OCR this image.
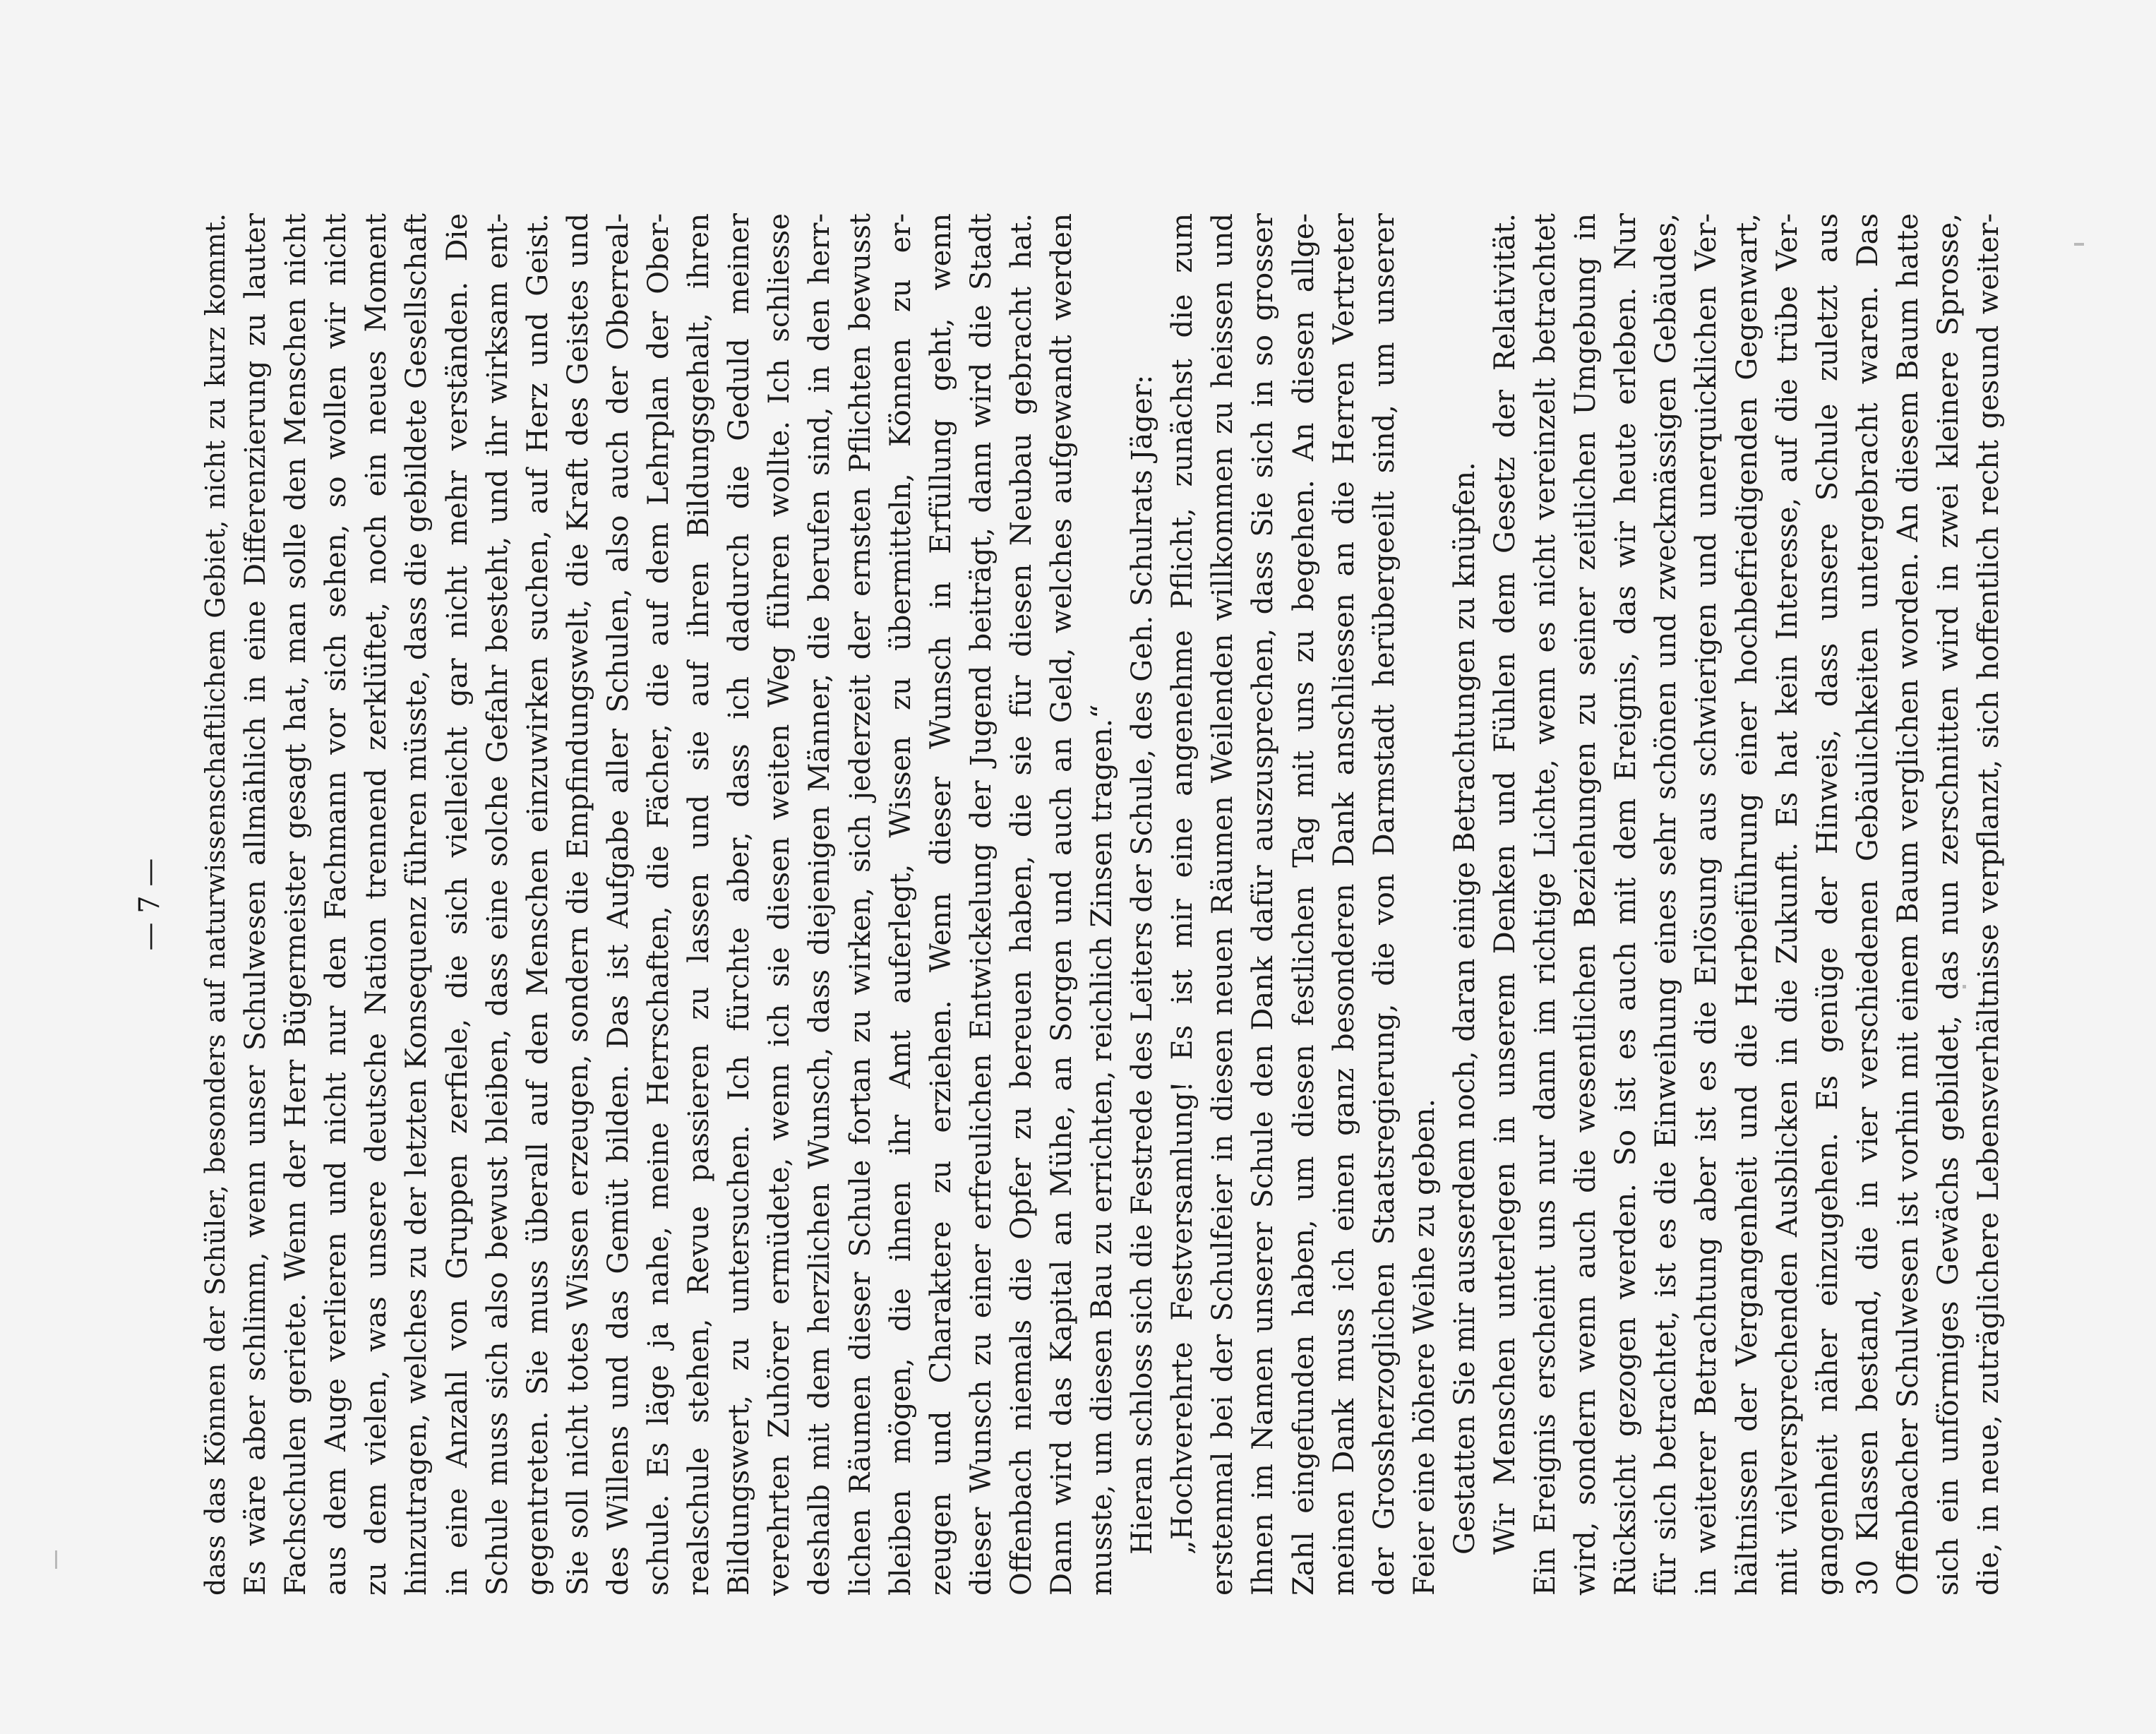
— 7 — dass das Können der Schüler, besonders auf naturwissenschaftlichem Gebiet, nicht zu kurz kommt. Es wäre aber schlimm, wenn unser Schulwesen allmählich in eine Differenzierung zu lauter Fachschulen geriete. Wenn der Herr Bügermeister gesagt hat, man solle den Menschen nicht aus dem Auge verlieren und nicht nur den Fachmann vor sich sehen, so wollen wir nicht zu dem vielen, was unsere deutsche Nation trennend zerklüftet, noch ein neues Moment hinzutragen, welches zu der letzten Konsequenz führen müsste, dass die gebildete Gesellschaft in eine Anzahl von Gruppen zerfiele, die sich vielleicht gar nicht mehr verständen. Die Schule muss sich also bewust bleiben, dass eine solche Gefahr besteht, und ihr wirksam ent- gegentreten. Sie muss überall auf den Menschen einzuwirken suchen, auf Herz und Geist. Sie soll nicht totes Wissen erzeugen, sondern die Empfindungswelt, die Kraft des Geistes und des Willens und das Gemüt bilden. Das ist Aufgabe aller Schulen, also auch der Oberreal- schule. Es läge ja nahe, meine Herrschaften, die Fächer, die auf dem Lehrplan der Ober- realschule stehen, Revue passieren zu lassen und sie auf ihren Bildungsgehalt, ihren Bildungswert, zu untersuchen. Ich fürchte aber, dass ich dadurch die Geduld meiner verehrten Zuhörer ermüdete, wenn ich sie diesen weiten Weg führen wollte. Ich schliesse deshalb mit dem herzlichen Wunsch, dass diejenigen Männer, die berufen sind, in den herr- lichen Räumen dieser Schule fortan zu wirken, sich jederzeit der ernsten Pflichten bewusst bleiben mögen, die ihnen ihr Amt auferlegt, Wissen zu übermitteln, Können zu er- zeugen und Charaktere zu erziehen. Wenn dieser Wunsch in Erfüllung geht, wenn dieser Wunsch zu einer erfreulichen Entwickelung der Jugend beiträgt, dann wird die Stadt Offenbach niemals die Opfer zu bereuen haben, die sie für diesen Neubau gebracht hat. Dann wird das Kapital an Mühe, an Sorgen und auch an Geld, welches aufgewandt werden musste, um diesen Bau zu errichten, reichlich Zinsen tragen.“ Hieran schloss sich die Festrede des Leiters der Schule, des Geh. Schulrats Jäger: „Hochverehrte Festversamlung! Es ist mir eine angenehme Pflicht, zunächst die zum erstenmal bei der Schulfeier in diesen neuen Räumen Weilenden willkommen zu heissen und Ihnen im Namen unserer Schule den Dank dafür auszusprechen, dass Sie sich in so grosser Zahl eingefunden haben, um diesen festlichen Tag mit uns zu begehen. An diesen allge- meinen Dank muss ich einen ganz besonderen Dank anschliessen an die Herren Vertreter der Grossherzoglichen Staatsregierung, die von Darmstadt herübergeeilt sind, um unserer Feier eine höhere Weihe zu geben. Gestatten Sie mir ausserdem noch, daran einige Betrachtungen zu knüpfen. Wir Menschen unterlegen in unserem Denken und Fühlen dem Gesetz der Relativität. Ein Ereignis erscheint uns nur dann im richtige Lichte, wenn es nicht vereinzelt betrachtet wird, sondern wenn auch die wesentlichen Beziehungen zu seiner zeitlichen Umgebung in Rücksicht gezogen werden. So ist es auch mit dem Ereignis, das wir heute erleben. Nur für sich betrachtet, ist es die Einweihung eines sehr schönen und zweckmässigen Gebäudes, in weiterer Betrachtung aber ist es die Erlösung aus schwierigen und unerquicklichen Ver- hältnissen der Vergangenheit und die Herbeiführung einer hochbefriedigenden Gegenwart, mit vielversprechenden Ausblicken in die Zukunft. Es hat kein Interesse, auf die trübe Ver- gangenheit näher einzugehen. Es genüge der Hinweis, dass unsere Schule zuletzt aus 30 Klassen bestand, die in vier verschiedenen Gebäulichkeiten untergebracht waren. Das Offenbacher Schulwesen ist vorhin mit einem Baum verglichen worden. An diesem Baum hatte sich ein unförmiges Gewächs gebildet, das nun zerschnitten wird in zwei kleinere Sprosse, die, in neue, zuträglichere Lebensverhältnisse verpflanzt, sich hoffentlich recht gesund weiter-
